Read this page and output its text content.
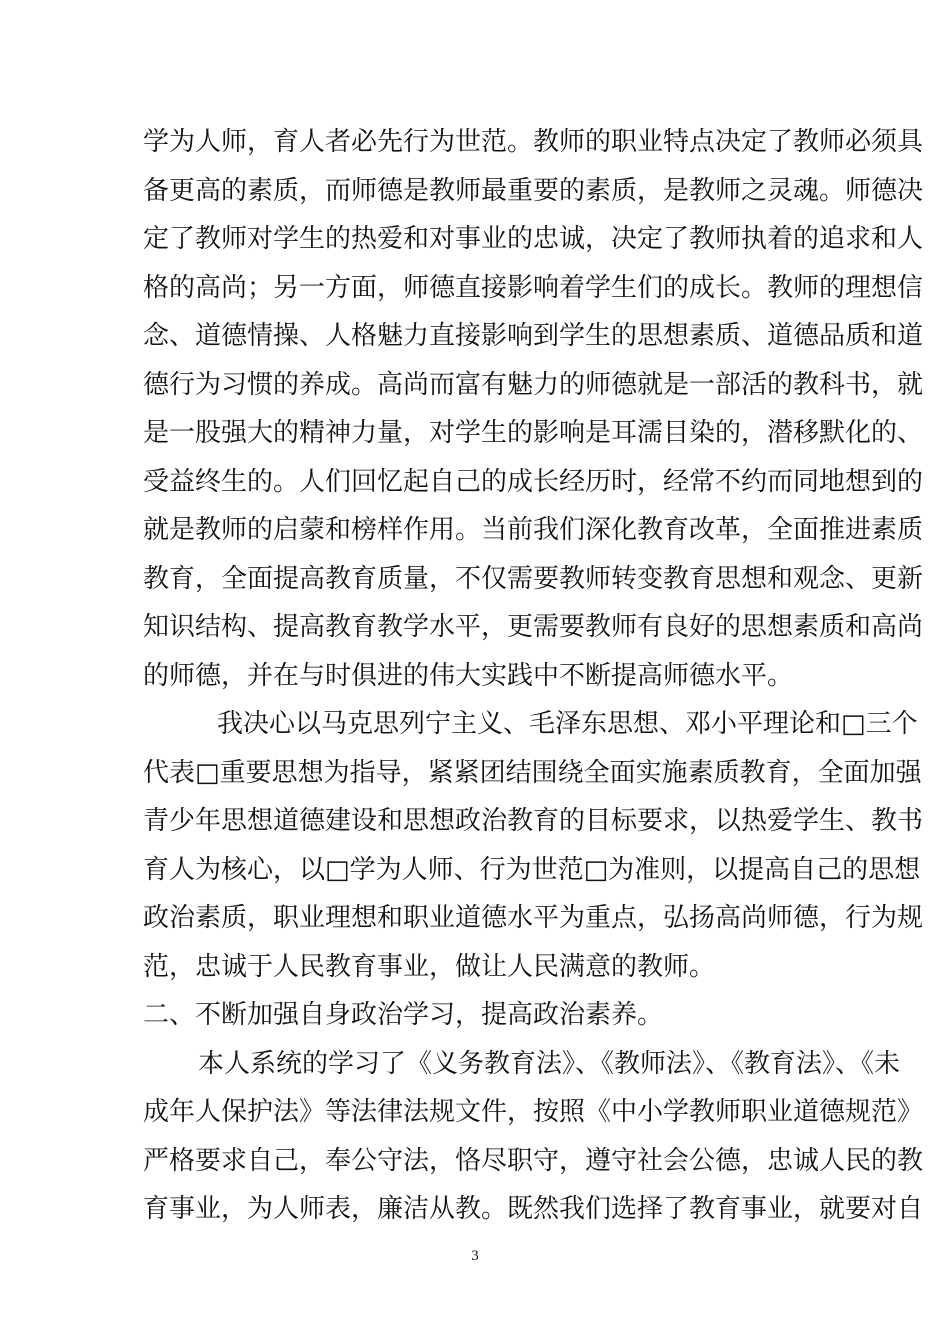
学为人师，育人者必先行为世范。教师的职业特点决定了教师必须具
备更高的素质，而师德是教师最重要的素质，是教师之灵魂。师德决
定了教师对学生的热爱和对事业的忠诚，决定了教师执着的追求和人
格的高尚；另一方面，师德直接影响着学生们的成长。教师的理想信
念、道德情操、人格魅力直接影响到学生的思想素质、道德品质和道
德行为习惯的养成。高尚而富有魅力的师德就是一部活的教科书，就
是一股强大的精神力量，对学生的影响是耳濡目染的，潜移默化的、
受益终生的。人们回忆起自己的成长经历时，经常不约而同地想到的
就是教师的启蒙和榜样作用。当前我们深化教育改革，全面推进素质
教育，全面提高教育质量，不仅需要教师转变教育思想和观念、更新
知识结构、提高教育教学水平，更需要教师有良好的思想素质和高尚
的师德，并在与时俱进的伟大实践中不断提高师德水平。
我决心以马克思列宁主义、毛泽东思想、邓小平理论和□三个
代表□重要思想为指导，紧紧团结围绕全面实施素质教育，全面加强
青少年思想道德建设和思想政治教育的目标要求，以热爱学生、教书
育人为核心，以□学为人师、行为世范□为准则，以提高自己的思想
政治素质，职业理想和职业道德水平为重点，弘扬高尚师德，行为规
范，忠诚于人民教育事业，做让人民满意的教师。
二、不断加强自身政治学习，提高政治素养。
本人系统的学习了《义务教育法》、《教师法》、《教育法》、《未
成年人保护法》等法律法规文件，按照《中小学教师职业道德规范》
严格要求自己，奉公守法，恪尽职守，遵守社会公德，忠诚人民的教
育事业，为人师表，廉洁从教。既然我们选择了教育事业，就要对自
3
